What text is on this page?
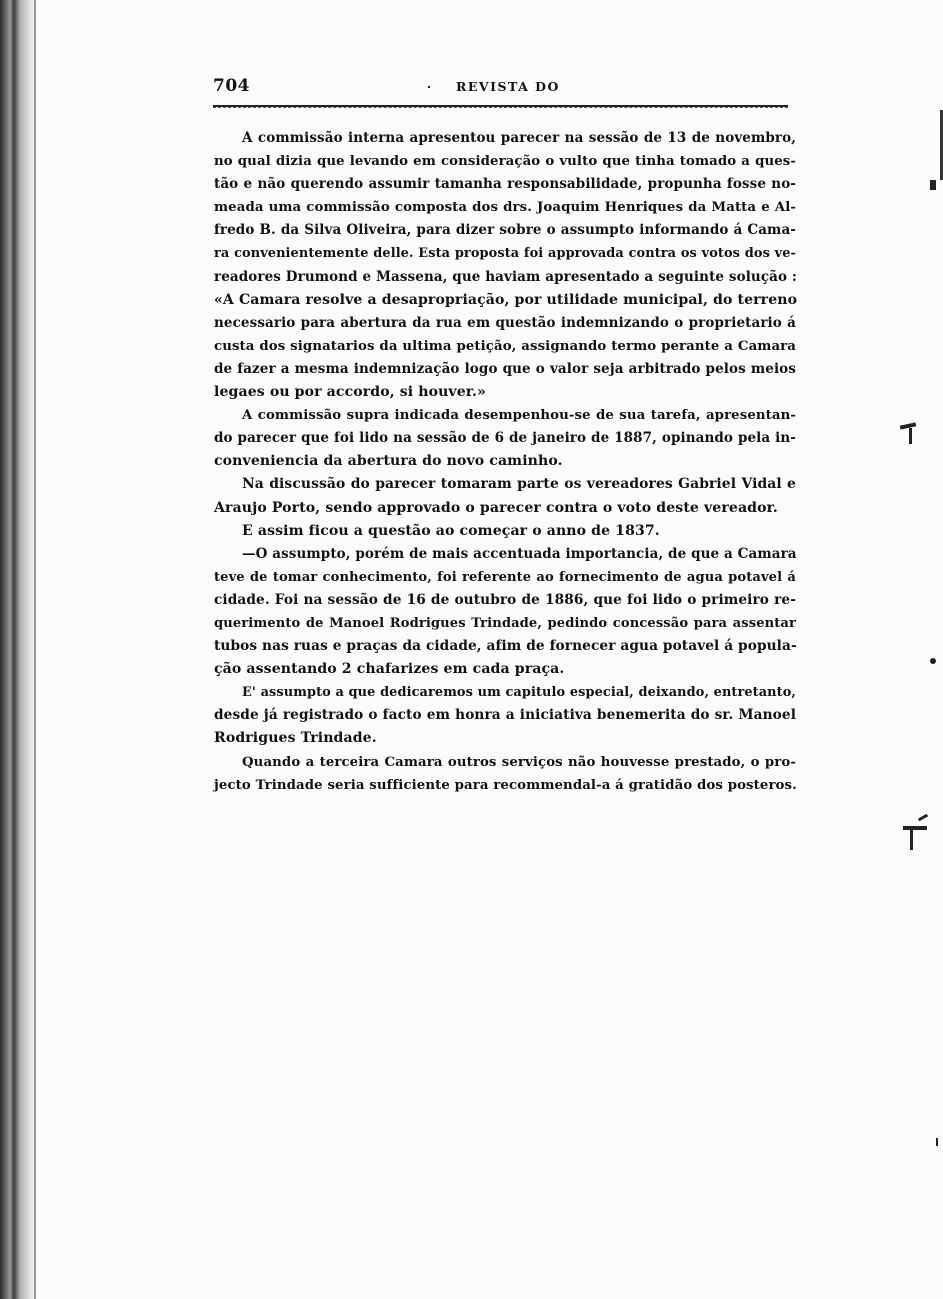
704	REVISTA DO
A commissão interna apresentou parecer na sessão de 13 de novembro,
no qual dizia que levando em consideração o vulto que tinha tomado a ques-
tão e não querendo assumir tamanha responsabilidade, propunha fosse no-
meada uma commissão composta dos drs. Joaquim Henriques da Matta e Al-
fredo B. da Silva Oliveira, para dizer sobre o assumpto informando á Cama-
ra convenientemente delle. Esta proposta foi approvada contra os votos dos ve-
readores Drumond e Massena, que haviam apresentado a seguinte solução :
«A Camara resolve a desapropriação, por utilidade municipal, do terreno
necessario para abertura da rua em questão indemnizando o proprietario á
custa dos signatarios da ultima petição, assignando termo perante a Camara
de fazer a mesma indemnização logo que o valor seja arbitrado pelos meios
legaes ou por accordo, si houver.»
A commissão supra indicada desempenhou-se de sua tarefa, apresentan-
do parecer que foi lido na sessão de 6 de janeiro de 1887, opinando pela in-
conveniencia da abertura do novo caminho.
Na discussão do parecer tomaram parte os vereadores Gabriel Vidal e
Araujo Porto, sendo approvado o parecer contra o voto deste vereador.
E assim ficou a questão ao começar o anno de 1837.
—O assumpto, porém de mais accentuada importancia, de que a Camara
teve de tomar conhecimento, foi referente ao fornecimento de agua potavel á
cidade. Foi na sessão de 16 de outubro de 1886, que foi lido o primeiro re-
querimento de Manoel Rodrigues Trindade, pedindo concessão para assentar
tubos nas ruas e praças da cidade, afim de fornecer agua potavel á popula-
ção assentando 2 chafarizes em cada praça.
E' assumpto a que dedicaremos um capitulo especial, deixando, entretanto,
desde já registrado o facto em honra a iniciativa benemerita do sr. Manoel
Rodrigues Trindade.
Quando a terceira Camara outros serviços não houvesse prestado, o pro-
jecto Trindade seria sufficiente para recommendal-a á gratidão dos posteros.
